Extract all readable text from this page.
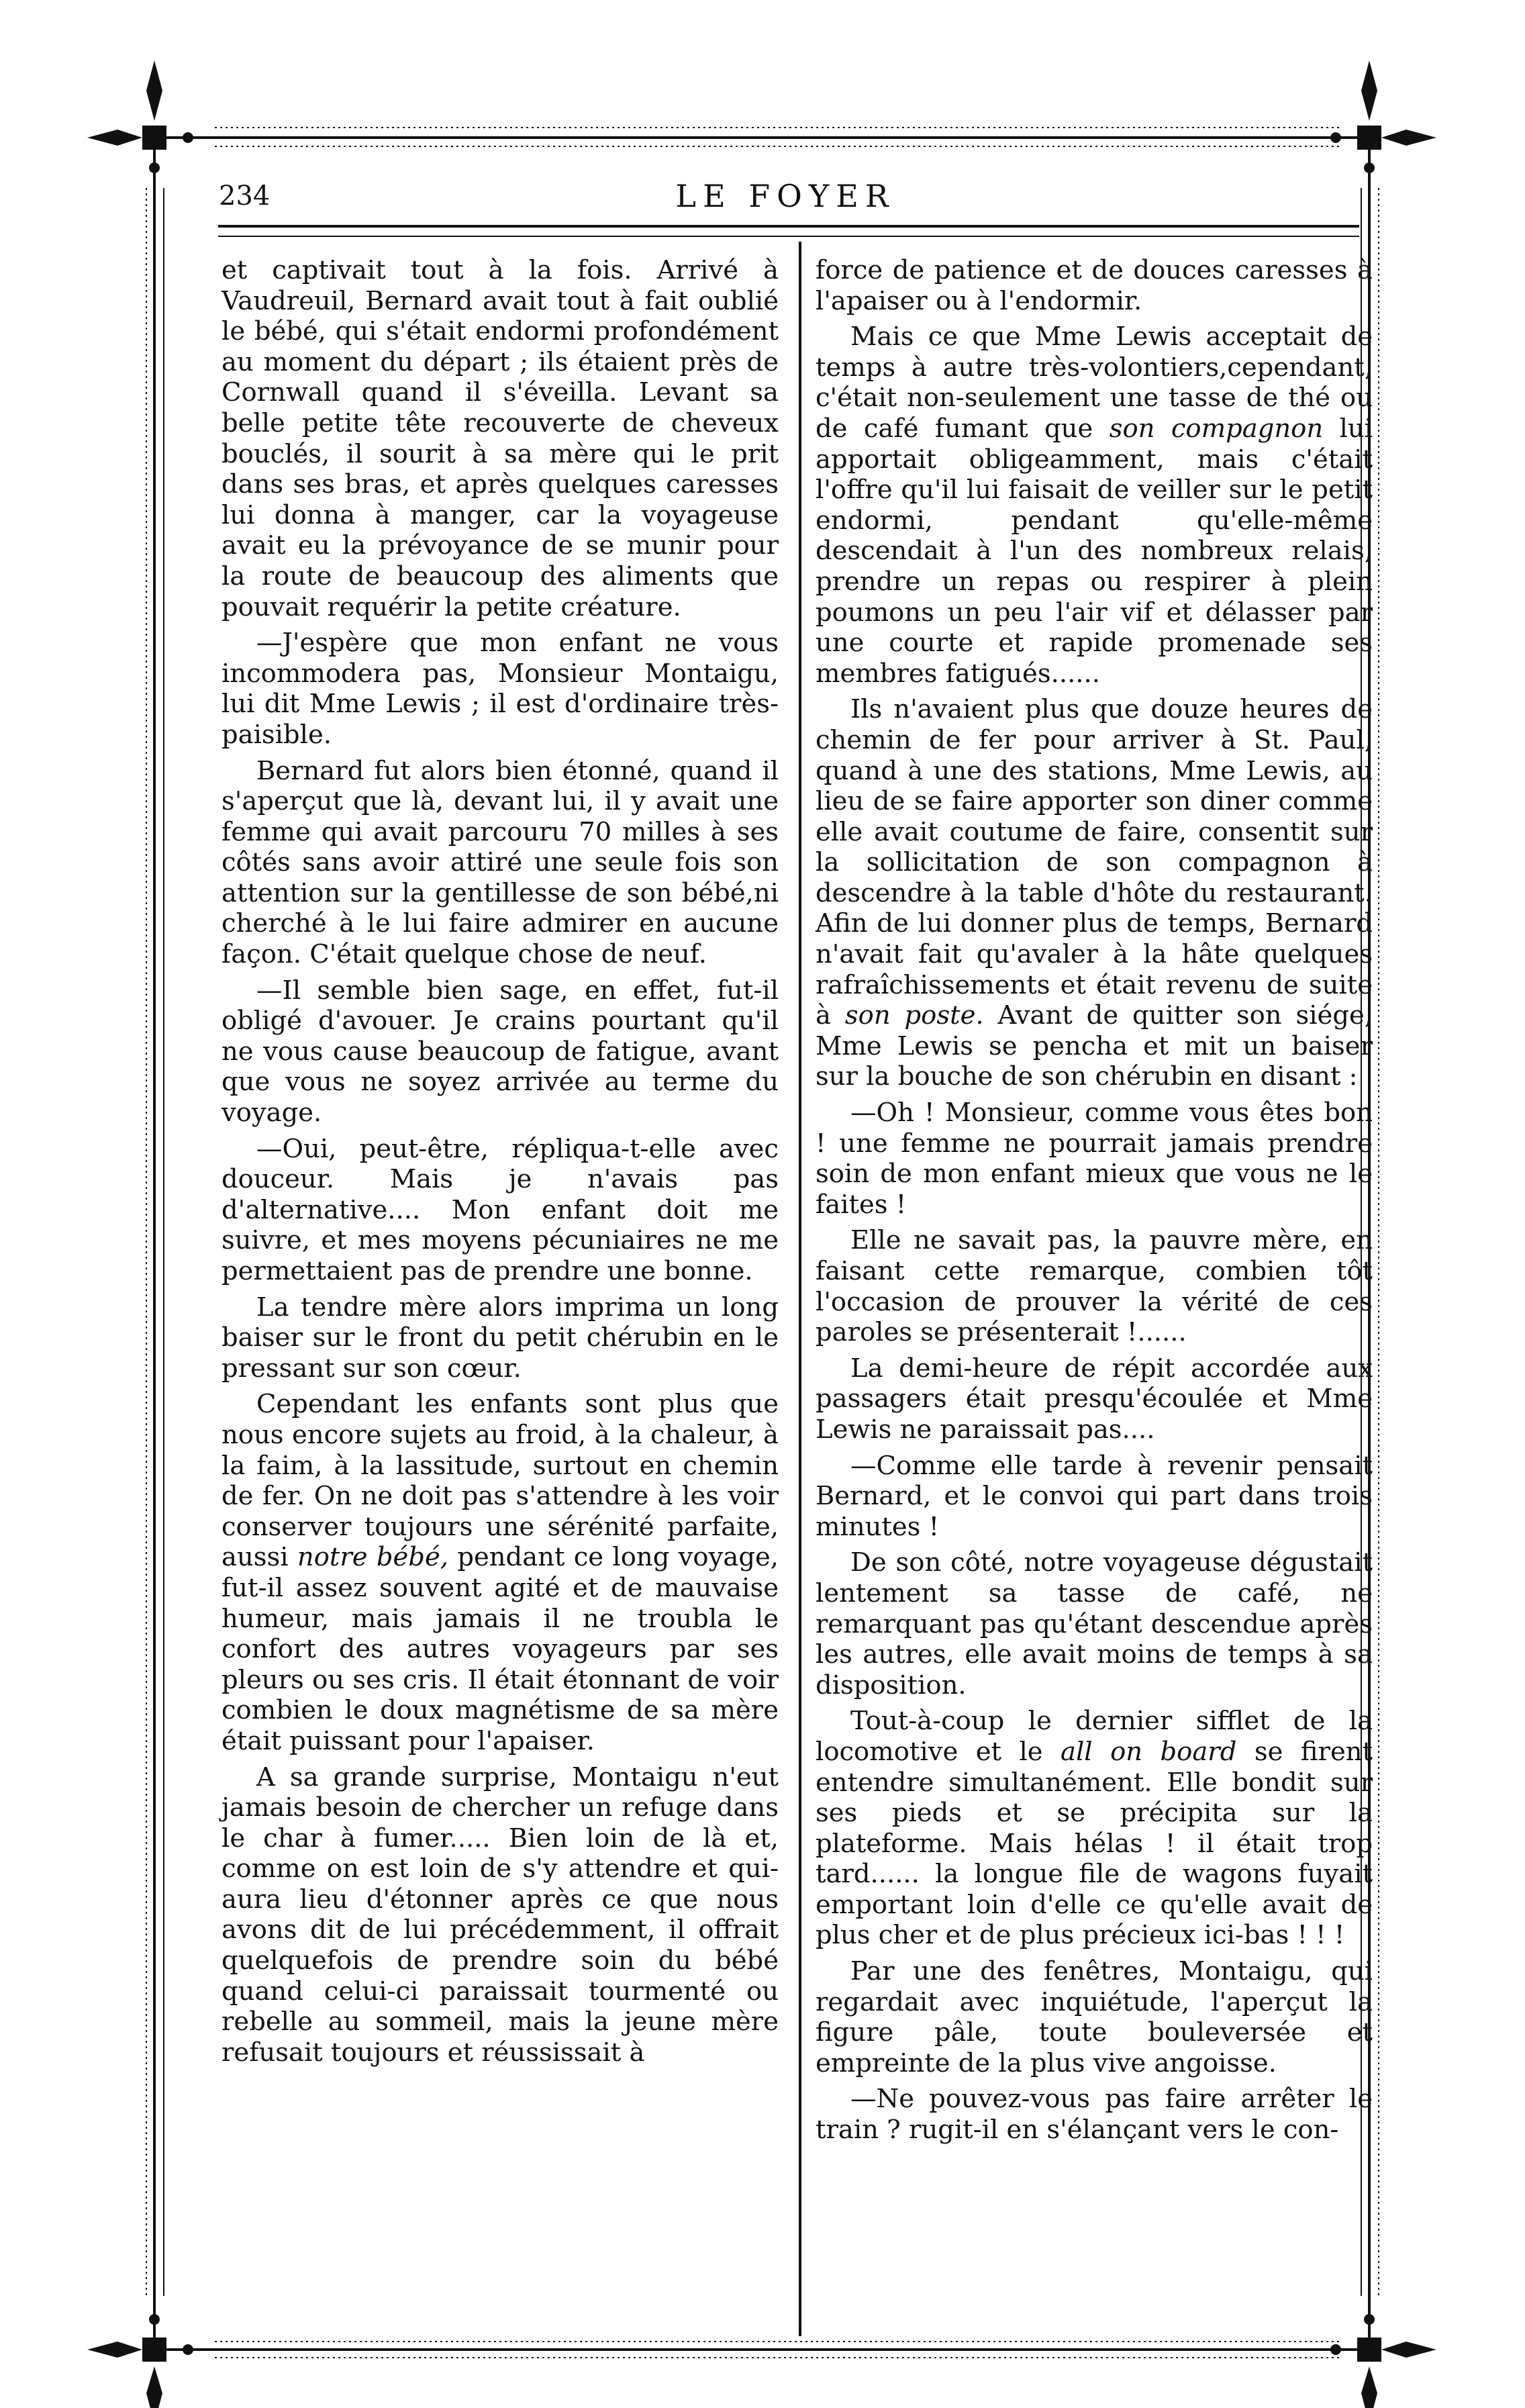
234	LE FOYER

et captivait tout à la fois. Arrivé à Vaudreuil, Bernard avait tout à fait oublié le bébé, qui s'était endormi profondément au moment du départ ; ils étaient près de Cornwall quand il s'éveilla. Levant sa belle petite tête recouverte de cheveux bouclés, il sourit à sa mère qui le prit dans ses bras, et après quelques caresses lui donna à manger, car la voyageuse avait eu la prévoyance de se munir pour la route de beaucoup des aliments que pouvait requérir la petite créature.

—J'espère que mon enfant ne vous incommodera pas, Monsieur Montaigu, lui dit Mme Lewis ; il est d'ordinaire très-paisible.

Bernard fut alors bien étonné, quand il s'aperçut que là, devant lui, il y avait une femme qui avait parcouru 70 milles à ses côtés sans avoir attiré une seule fois son attention sur la gentillesse de son bébé,ni cherché à le lui faire admirer en aucune façon. C'était quelque chose de neuf.

—Il semble bien sage, en effet, fut-il obligé d'avouer. Je crains pourtant qu'il ne vous cause beaucoup de fatigue, avant que vous ne soyez arrivée au terme du voyage.

—Oui, peut-être, répliqua-t-elle avec douceur. Mais je n'avais pas d'alternative.... Mon enfant doit me suivre, et mes moyens pécuniaires ne me permettaient pas de prendre une bonne.

La tendre mère alors imprima un long baiser sur le front du petit chérubin en le pressant sur son cœur.

Cependant les enfants sont plus que nous encore sujets au froid, à la chaleur, à la faim, à la lassitude, surtout en chemin de fer. On ne doit pas s'attendre à les voir conserver toujours une sérénité parfaite, aussi notre bébé, pendant ce long voyage, fut-il assez souvent agité et de mauvaise humeur, mais jamais il ne troubla le confort des autres voyageurs par ses pleurs ou ses cris. Il était étonnant de voir combien le doux magnétisme de sa mère était puissant pour l'apaiser.

A sa grande surprise, Montaigu n'eut jamais besoin de chercher un refuge dans le char à fumer..... Bien loin de là et, comme on est loin de s'y attendre et qui-aura lieu d'étonner après ce que nous avons dit de lui précédemment, il offrait quelquefois de prendre soin du bébé quand celui-ci paraissait tourmenté ou rebelle au sommeil, mais la jeune mère refusait toujours et réussissait à

force de patience et de douces caresses à l'apaiser ou à l'endormir.

Mais ce que Mme Lewis acceptait de temps à autre très-volontiers,cependant, c'était non-seulement une tasse de thé ou de café fumant que son compagnon lui apportait obligeamment, mais c'était l'offre qu'il lui faisait de veiller sur le petit endormi, pendant qu'elle-même descendait à l'un des nombreux relais, prendre un repas ou respirer à plein poumons un peu l'air vif et délasser par une courte et rapide promenade ses membres fatigués......

Ils n'avaient plus que douze heures de chemin de fer pour arriver à St. Paul, quand à une des stations, Mme Lewis, au lieu de se faire apporter son diner comme elle avait coutume de faire, consentit sur la sollicitation de son compagnon à descendre à la table d'hôte du restaurant. Afin de lui donner plus de temps, Bernard n'avait fait qu'avaler à la hâte quelques rafraîchissements et était revenu de suite à son poste. Avant de quitter son siége, Mme Lewis se pencha et mit un baiser sur la bouche de son chérubin en disant :

—Oh ! Monsieur, comme vous êtes bon ! une femme ne pourrait jamais prendre soin de mon enfant mieux que vous ne le faites !

Elle ne savait pas, la pauvre mère, en faisant cette remarque, combien tôt l'occasion de prouver la vérité de ces paroles se présenterait !......

La demi-heure de répit accordée aux passagers était presqu'écoulée et Mme Lewis ne paraissait pas....

—Comme elle tarde à revenir pensait Bernard, et le convoi qui part dans trois minutes !

De son côté, notre voyageuse dégustait lentement sa tasse de café, ne remarquant pas qu'étant descendue après les autres, elle avait moins de temps à sa disposition.

Tout-à-coup le dernier sifflet de la locomotive et le all on board se firent entendre simultanément. Elle bondit sur ses pieds et se précipita sur la plateforme. Mais hélas ! il était trop tard...... la longue file de wagons fuyait emportant loin d'elle ce qu'elle avait de plus cher et de plus précieux ici-bas ! ! !

Par une des fenêtres, Montaigu, qui regardait avec inquiétude, l'aperçut la figure pâle, toute bouleversée et empreinte de la plus vive angoisse.

—Ne pouvez-vous pas faire arrêter le train ? rugit-il en s'élançant vers le con-
